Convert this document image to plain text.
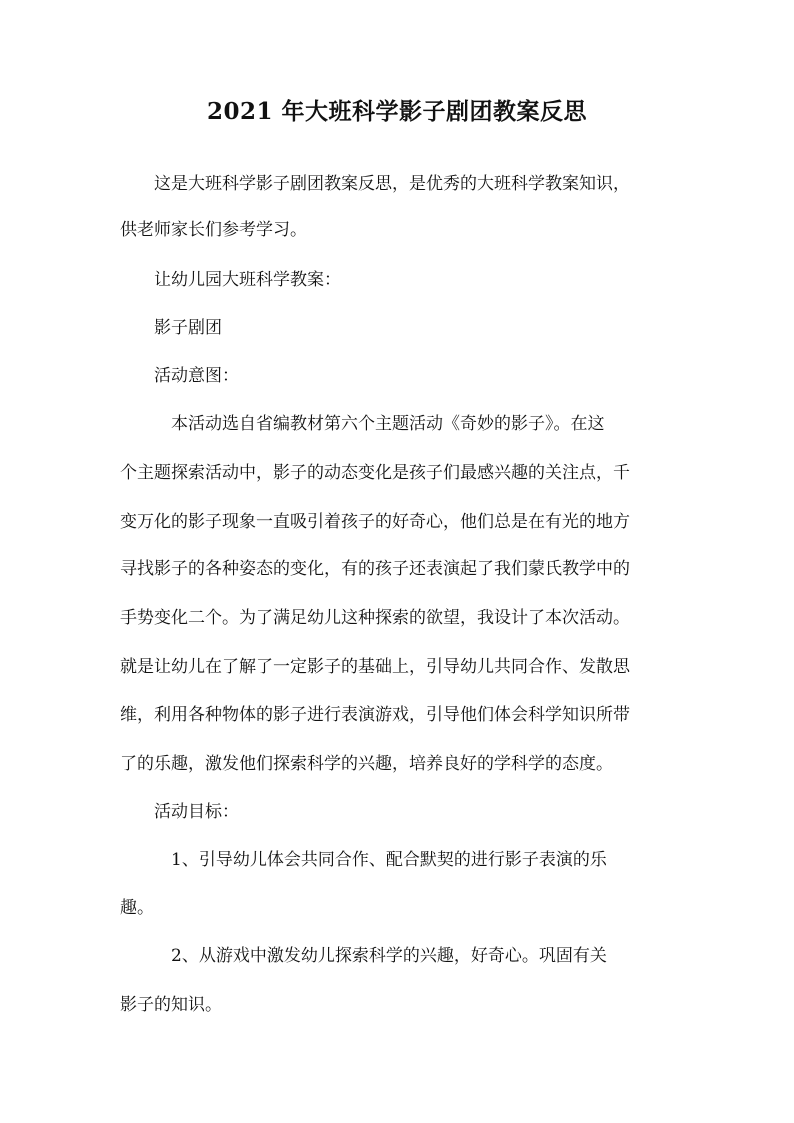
2021 年大班科学影子剧团教案反思

　　这是大班科学影子剧团教案反思，是优秀的大班科学教案知识，

供老师家长们参考学习。

　　让幼儿园大班科学教案：

　　影子剧团

　　活动意图：

　　　本活动选自省编教材第六个主题活动《奇妙的影子》。在这

个主题探索活动中，影子的动态变化是孩子们最感兴趣的关注点，千

变万化的影子现象一直吸引着孩子的好奇心，他们总是在有光的地方

寻找影子的各种姿态的变化，有的孩子还表演起了我们蒙氏教学中的

手势变化二个。为了满足幼儿这种探索的欲望，我设计了本次活动。

就是让幼儿在了解了一定影子的基础上，引导幼儿共同合作、发散思

维，利用各种物体的影子进行表演游戏，引导他们体会科学知识所带

了的乐趣，激发他们探索科学的兴趣，培养良好的学科学的态度。

　　活动目标：

　　　1、引导幼儿体会共同合作、配合默契的进行影子表演的乐

趣。

　　　2、从游戏中激发幼儿探索科学的兴趣，好奇心。巩固有关

影子的知识。
